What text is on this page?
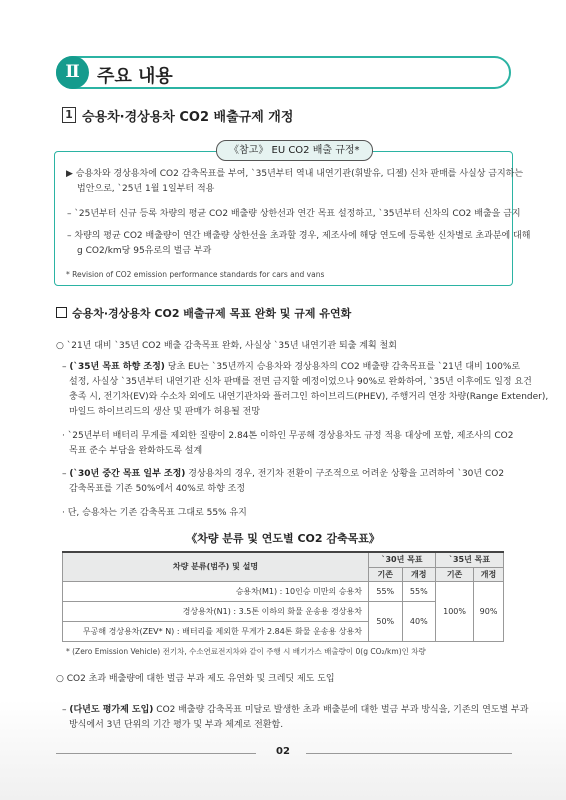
Ⅱ 주요 내용
1 승용차·경상용차 CO2 배출규제 개정
《참고》 EU CO2 배출 규정*
▶ 승용차와 경상용차에 CO2 감축목표를 부여, `35년부터 역내 내연기관(휘발유, 디젤) 신차 판매를 사실상 금지하는
법안으로, `25년 1월 1일부터 적용
– `25년부터 신규 등록 차량의 평균 CO2 배출량 상한선과 연간 목표 설정하고, `35년부터 신차의 CO2 배출을 금지
– 차량의 평균 CO2 배출량이 연간 배출량 상한선을 초과할 경우, 제조사에 해당 연도에 등록한 신차별로 초과분에 대해
g CO2/km당 95유로의 벌금 부과
* Revision of CO2 emission performance standards for cars and vans
승용차·경상용차 CO2 배출규제 목표 완화 및 규제 유연화
○ `21년 대비 `35년 CO2 배출 감축목표 완화, 사실상 `35년 내연기관 퇴출 계획 철회
– (`35년 목표 하향 조정) 당초 EU는 `35년까지 승용차와 경상용차의 CO2 배출량 감축목표를 `21년 대비 100%로
설정, 사실상 `35년부터 내연기관 신차 판매를 전면 금지할 예정이었으나 90%로 완화하여, `35년 이후에도 일정 요건
충족 시, 전기차(EV)와 수소차 외에도 내연기관차와 플러그인 하이브리드(PHEV), 주행거리 연장 차량(Range Extender),
마일드 하이브리드의 생산 및 판매가 허용될 전망
· `25년부터 배터리 무게를 제외한 질량이 2.84톤 이하인 무공해 경상용차도 규정 적용 대상에 포함, 제조사의 CO2
목표 준수 부담을 완화하도록 설계
– (`30년 중간 목표 일부 조정) 경상용차의 경우, 전기차 전환이 구조적으로 어려운 상황을 고려하여 `30년 CO2
감축목표를 기존 50%에서 40%로 하향 조정
· 단, 승용차는 기존 감축목표 그대로 55% 유지
《차량 분류 및 연도별 CO2 감축목표》
차량 분류(범주) 및 설명	`30년 목표		`35년 목표	
	기존	개정	기존	개정
승용차(M1) : 10인승 미만의 승용차	55%	55%	100%	90%
경상용차(N1) : 3.5톤 이하의 화물 운송용 경상용차	50%	40%		
무공해 경상용차(ZEV* N) : 배터리를 제외한 무게가 2.84톤 화물 운송용 상용차				
* (Zero Emission Vehicle) 전기차, 수소연료전지차와 같이 주행 시 배기가스 배출량이 0(g CO₂/km)인 차량
○ CO2 초과 배출량에 대한 벌금 부과 제도 유연화 및 크레딧 제도 도입
– (다년도 평가제 도입) CO2 배출량 감축목표 미달로 발생한 초과 배출분에 대한 벌금 부과 방식을, 기존의 연도별 부과
방식에서 3년 단위의 기간 평가 및 부과 체계로 전환함.
02
